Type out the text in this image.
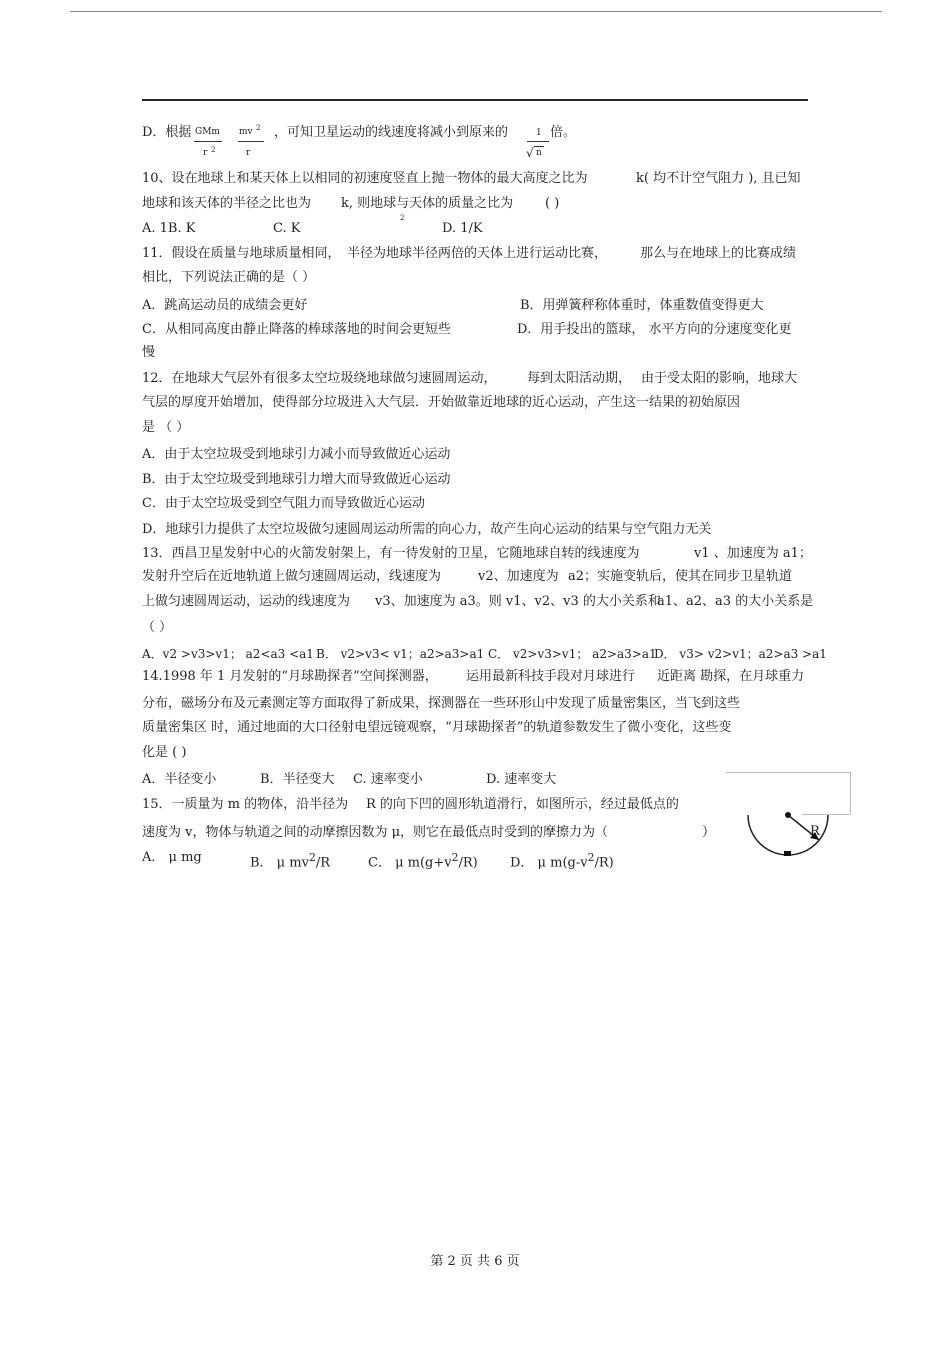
D．根据 GMm
r 2
mv 2
r
，可知卫星运动的线速度将减小到原来的	1
√ n
倍。
10、设在地球上和某天体上以相同的初速度竖直上抛一物体的最大高度之比为	k( 均不计空气阻力 ), 且已知
地球和该天体的半径之比也为 k, 则地球与天体的质量之比为 ( )
A. 1B. K	C. K	D. 1/K
2
11．假设在质量与地球质量相同， 半径为地球半径两倍的天体上进行运动比赛，	那么与在地球上的比赛成绩
相比，下列说法正确的是（ ）
A．跳高运动员的成绩会更好	B．用弹簧秤称体重时，体重数值变得更大
C．从相同高度由静止降落的棒球落地的时间会更短些	D．用手投出的篮球， 水平方向的分速度变化更
慢
12．在地球大气层外有很多太空垃圾绕地球做匀速圆周运动， 每到太阳活动期， 由于受太阳的影响，地球大
气层的厚度开始增加，使得部分垃圾进入大气层．开始做靠近地球的近心运动，产生这一结果的初始原因
是 （ ）
A．由于太空垃圾受到地球引力减小而导致做近心运动
B．由于太空垃圾受到地球引力增大而导致做近心运动
C．由于太空垃圾受到空气阻力而导致做近心运动
D．地球引力提供了太空垃圾做匀速圆周运动所需的向心力，故产生向心运动的结果与空气阻力无关
13．西昌卫星发射中心的火箭发射架上，有一待发射的卫星，它随地球自转的线速度为	v1 、加速度为 a1；
发射升空后在近地轨道上做匀速圆周运动，线速度为	v2、加速度为 a2；实施变轨后，使其在同步卫星轨道
上做匀速圆周运动，运动的线速度为 v3、加速度为 a3。则 v1、v2、v3 的大小关系和
a1、a2、a3 的大小关系是
（ ）
A．v2 >v3>v1； a2<a3 <a1 B． v2>v3< v1；a2>a3>a1 C． v2>v3>v1； a2>a3>a1
D． v3> v2>v1；a2>a3 >a1
14.1998 年 1 月发射的“月球勘探者”空间探测器， 运用最新科技手段对月球进行 近距离 勘探，在月球重力
分布，磁场分布及元素测定等方面取得了新成果，探测器在一些环形山中发现了质量密集区，当飞到这些
质量密集区 时，通过地面的大口径射电望远镜观察，“月球勘探者”的轨道参数发生了微小变化，这些变
化是 ( )
A．半径变小	B．半径变大 C. 速率变小	D. 速率变大
15．一质量为 m 的物体，沿半径为 R 的向下凹的圆形轨道滑行，如图所示，经过最低点的
速度为 v，物体与轨道之间的动摩擦因数为 μ，则它在最低点时受到的摩擦力为（	）
A． μ mg	B． μ $mv^2/R$	C． μ $m(g+v^2/R)$ D． μ $m(g-v^2/R)$
R
第 2 页 共 6 页
